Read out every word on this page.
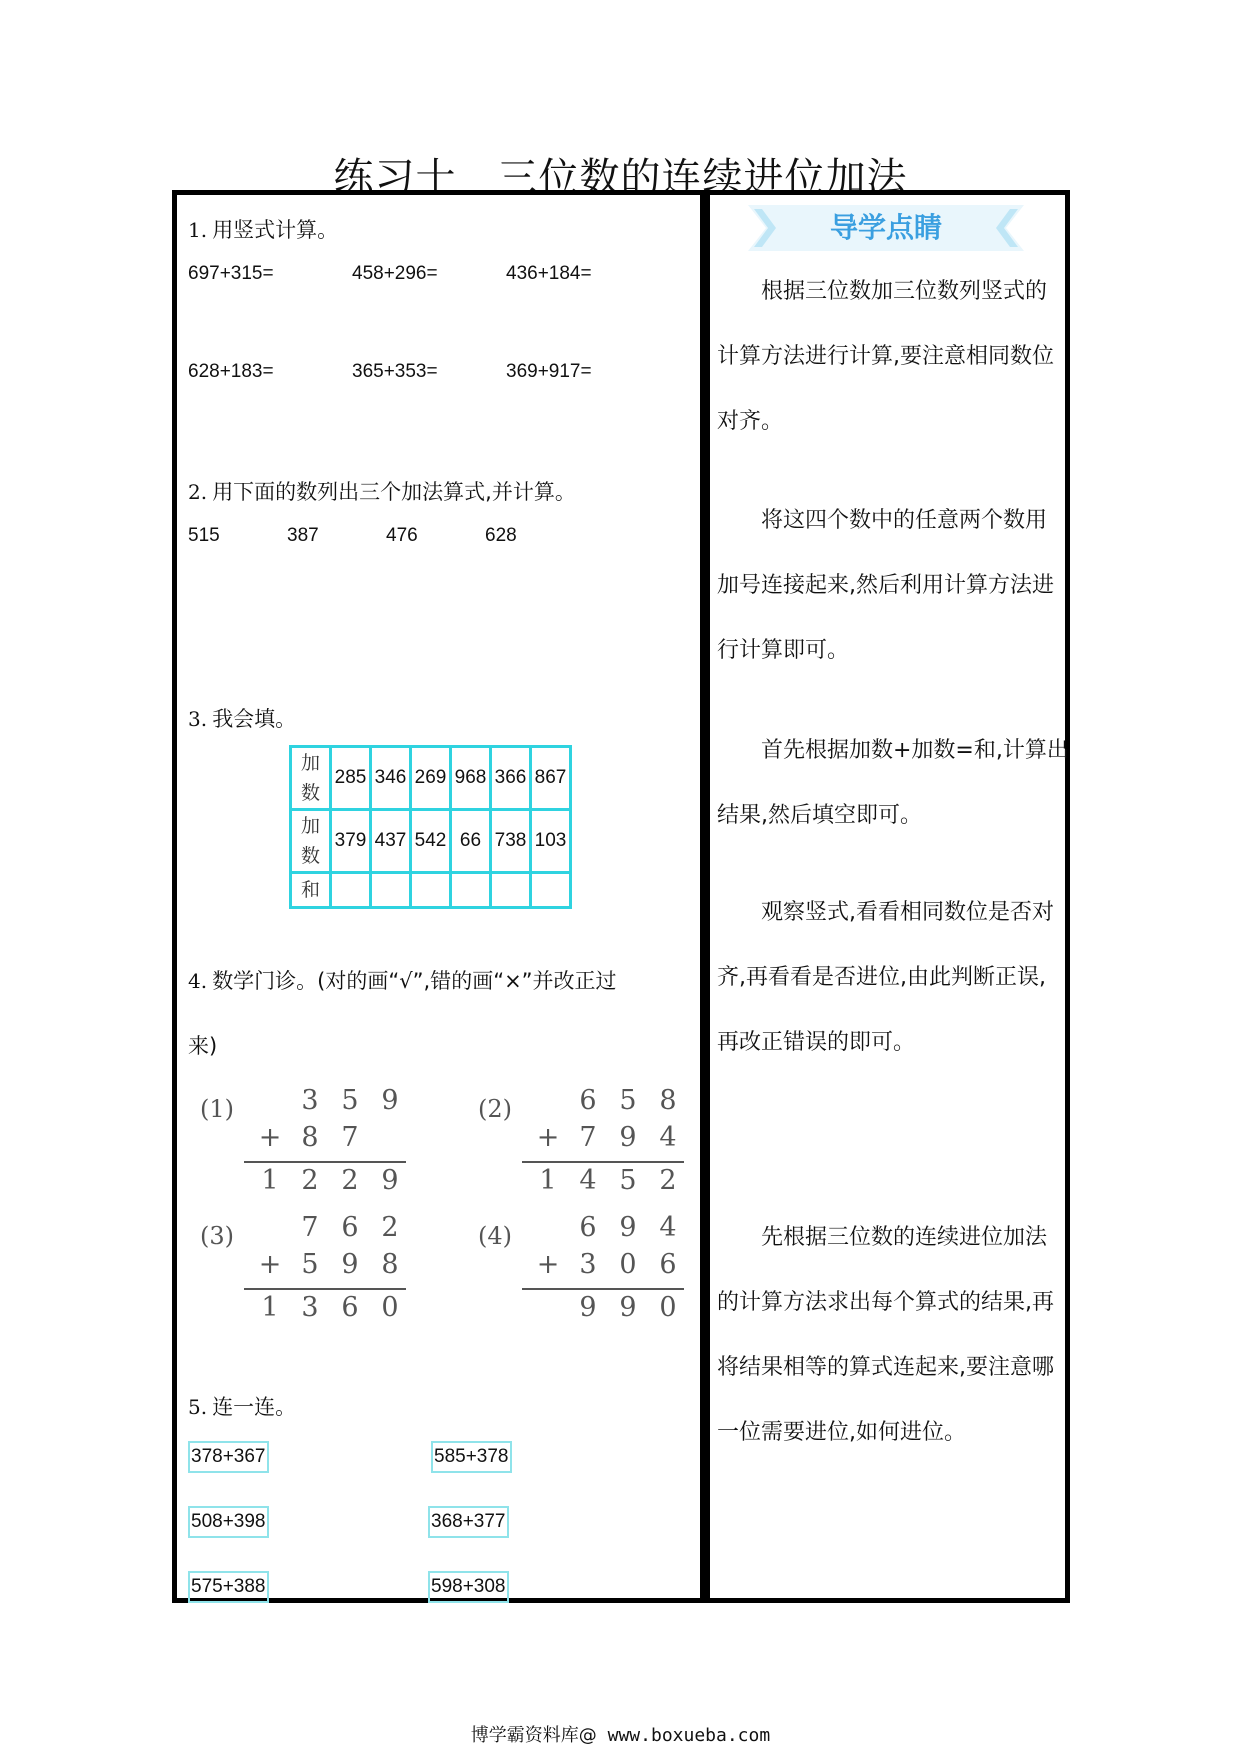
练习十　三位数的连续进位加法
1. 用竖式计算。
697+315=	458+296=	436+184=
628+183=	365+353=	369+917=
2. 用下面的数列出三个加法算式,并计算。
515	387	476	628
3. 我会填。
加
数	285	346	269	968	366	867
加
数	379	437	542	66	738	103
和						
4. 数学门诊。(对的画“√”,错的画“×”并改正过
来)
(1)	3 5 9
+ 8 7
1 2 2 9
(2)	6 5 8
+ 7 9 4
1 4 5 2
(3)	7 6 2
+ 5 9 8
1 3 6 0
(4)	6 9 4
+ 3 0 6
9 9 0
5. 连一连。
378+367
508+398
575+388
585+378
368+377
598+308
导学点睛
根据三位数加三位数列竖式的
计算方法进行计算,要注意相同数位
对齐。
将这四个数中的任意两个数用
加号连接起来,然后利用计算方法进
行计算即可。
首先根据加数+加数=和,计算出
结果,然后填空即可。
观察竖式,看看相同数位是否对
齐,再看看是否进位,由此判断正误,
再改正错误的即可。
先根据三位数的连续进位加法
的计算方法求出每个算式的结果,再
将结果相等的算式连起来,要注意哪
一位需要进位,如何进位。
博学霸资料库@ www.boxueba.com
